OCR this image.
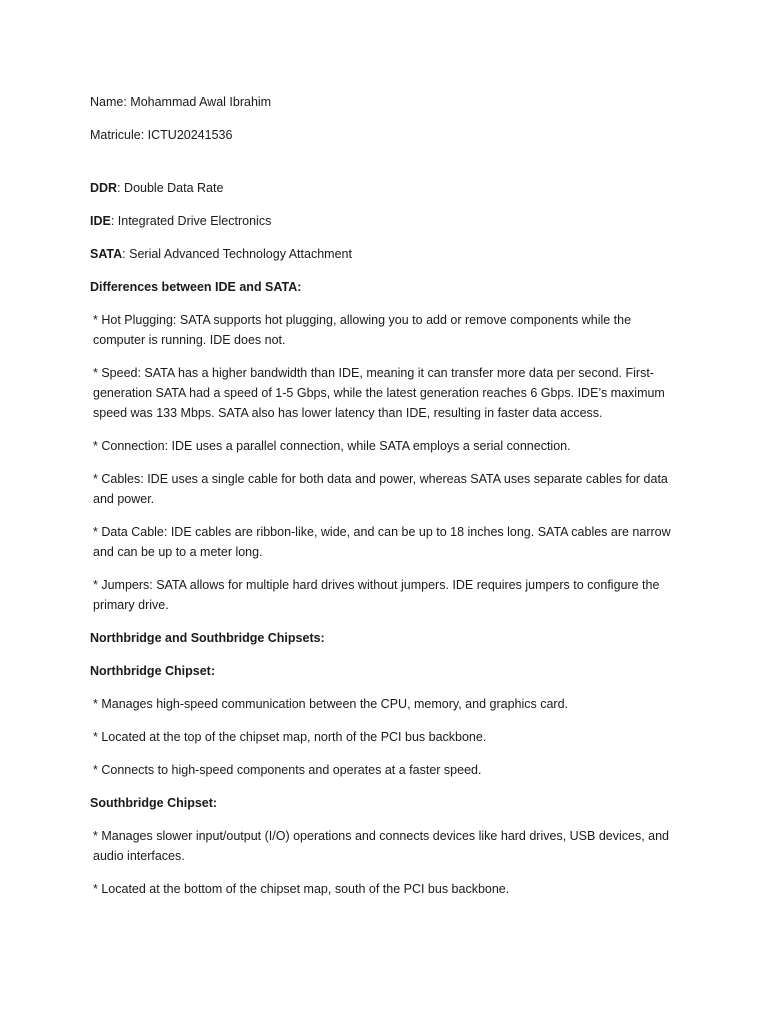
Name: Mohammad Awal Ibrahim

Matricule: ICTU20241536

DDR: Double Data Rate

IDE: Integrated Drive Electronics

SATA: Serial Advanced Technology Attachment

Differences between IDE and SATA:

* Hot Plugging: SATA supports hot plugging, allowing you to add or remove components while the computer is running. IDE does not.

* Speed: SATA has a higher bandwidth than IDE, meaning it can transfer more data per second. First-generation SATA had a speed of 1-5 Gbps, while the latest generation reaches 6 Gbps. IDE’s maximum speed was 133 Mbps. SATA also has lower latency than IDE, resulting in faster data access.

* Connection: IDE uses a parallel connection, while SATA employs a serial connection.

* Cables: IDE uses a single cable for both data and power, whereas SATA uses separate cables for data and power.

* Data Cable: IDE cables are ribbon-like, wide, and can be up to 18 inches long. SATA cables are narrow and can be up to a meter long.

* Jumpers: SATA allows for multiple hard drives without jumpers. IDE requires jumpers to configure the primary drive.

Northbridge and Southbridge Chipsets:

Northbridge Chipset:

* Manages high-speed communication between the CPU, memory, and graphics card.

* Located at the top of the chipset map, north of the PCI bus backbone.

* Connects to high-speed components and operates at a faster speed.

Southbridge Chipset:

* Manages slower input/output (I/O) operations and connects devices like hard drives, USB devices, and audio interfaces.

* Located at the bottom of the chipset map, south of the PCI bus backbone.
